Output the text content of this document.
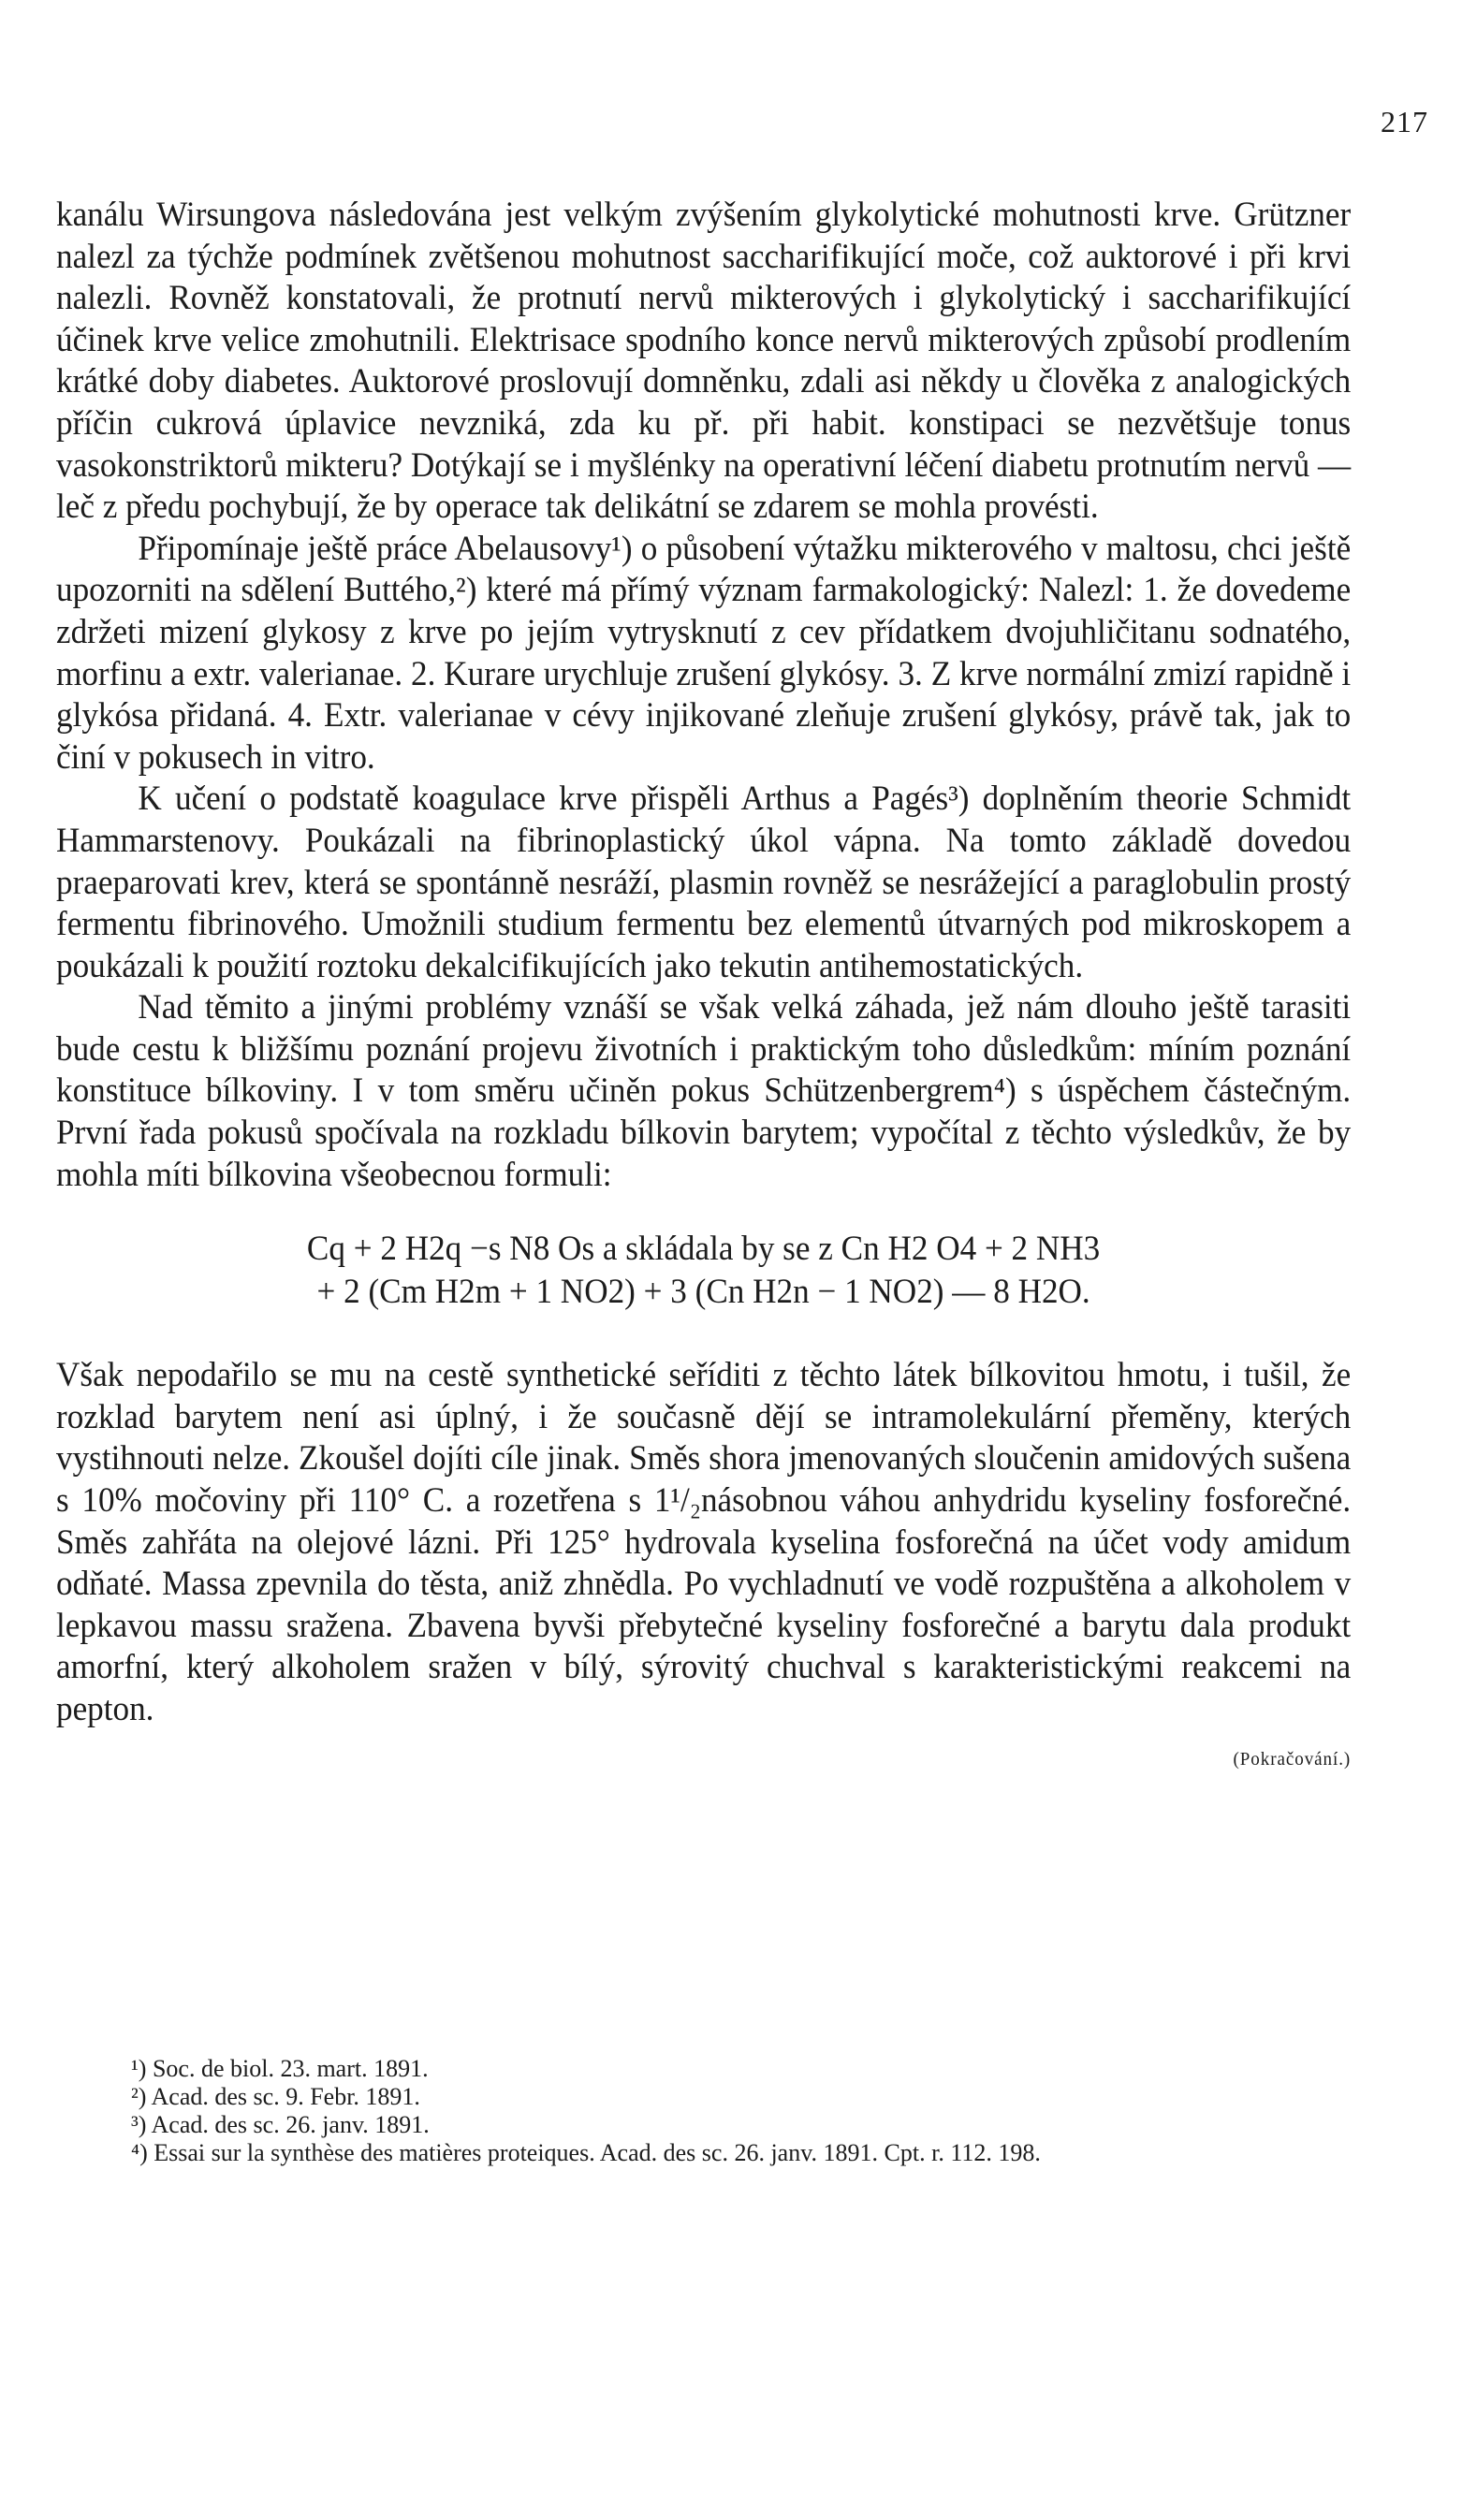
217

kanálu Wirsungova následována jest velkým zvýšením glykolytické mohutnosti krve. Grützner nalezl za týchže podmínek zvětšenou mohutnost saccharifikující moče, což auktorové i při krvi nalezli. Rovněž konstatovali, že protnutí nervů mikterových i glykolytický i saccharifikující účinek krve velice zmohutnili. Elektrisace spodního konce nervů mikterových způsobí prodlením krátké doby diabetes. Auktorové proslovují domněnku, zdali asi někdy u člověka z analogických příčin cukrová úplavice nevzniká, zda ku př. při habit. konstipaci se nezvětšuje tonus vasokonstriktorů mikteru? Dotýkají se i myšlénky na operativní léčení diabetu protnutím nervů — leč z předu pochybují, že by operace tak delikátní se zdarem se mohla provésti.

Připomínaje ještě práce Abelausovy¹) o působení výtažku mikterového v maltosu, chci ještě upozorniti na sdělení Buttého,²) které má přímý význam farmakologický: Nalezl: 1. že dovedeme zdržeti mizení glykosy z krve po jejím vytrysknutí z cev přídatkem dvojuhličitanu sodnatého, morfinu a extr. valerianae. 2. Kurare urychluje zrušení glykósy. 3. Z krve normální zmizí rapidně i glykósa přidaná. 4. Extr. valerianae v cévy injikované zleňuje zrušení glykósy, právě tak, jak to činí v pokusech in vitro.

K učení o podstatě koagulace krve přispěli Arthus a Pagés³) doplněním theorie Schmidt Hammarstenovy. Poukázali na fibrinoplastický úkol vápna. Na tomto základě dovedou praeparovati krev, která se spontánně nesráží, plasmin rovněž se nesrážející a paraglobulin prostý fermentu fibrinového. Umožnili studium fermentu bez elementů útvarných pod mikroskopem a poukázali k použití roztoku dekalcifikujících jako tekutin antihemostatických.

Nad těmito a jinými problémy vznáší se však velká záhada, jež nám dlouho ještě tarasiti bude cestu k bližšímu poznání projevu životních i praktickým toho důsledkům: míním poznání konstituce bílkoviny. I v tom směru učiněn pokus Schützenbergrem⁴) s úspěchem částečným. První řada pokusů spočívala na rozkladu bílkovin barytem; vypočítal z těchto výsledkův, že by mohla míti bílkovina všeobecnou formuli:

Cq + 2 H2q −s N8 Os a skládala by se z Cn H2 O4 + 2 NH3
+ 2 (Cm H2m + 1 NO2) + 3 (Cn H2n − 1 NO2) — 8 H2O.

Však nepodařilo se mu na cestě synthetické seříditi z těchto látek bílkovitou hmotu, i tušil, že rozklad barytem není asi úplný, i že současně dějí se intramolekulární přeměny, kterých vystihnouti nelze. Zkoušel dojíti cíle jinak. Směs shora jmenovaných sloučenin amidových sušena s 10% močoviny při 110° C. a rozetřena s 1¹/₂násobnou váhou anhydridu kyseliny fosforečné. Směs zahřáta na olejové lázni. Při 125° hydrovala kyselina fosforečná na účet vody amidum odňaté. Massa zpevnila do těsta, aniž zhnědla. Po vychladnutí ve vodě rozpuštěna a alkoholem v lepkavou massu sražena. Zbavena byvši přebytečné kyseliny fosforečné a barytu dala produkt amorfní, který alkoholem sražen v bílý, sýrovitý chuchval s karakteristickými reakcemi na pepton.

(Pokračování.)

¹) Soc. de biol. 23. mart. 1891.

²) Acad. des sc. 9. Febr. 1891.

³) Acad. des sc. 26. janv. 1891.

⁴) Essai sur la synthèse des matières proteiques. Acad. des sc. 26. janv. 1891. Cpt. r. 112. 198.
